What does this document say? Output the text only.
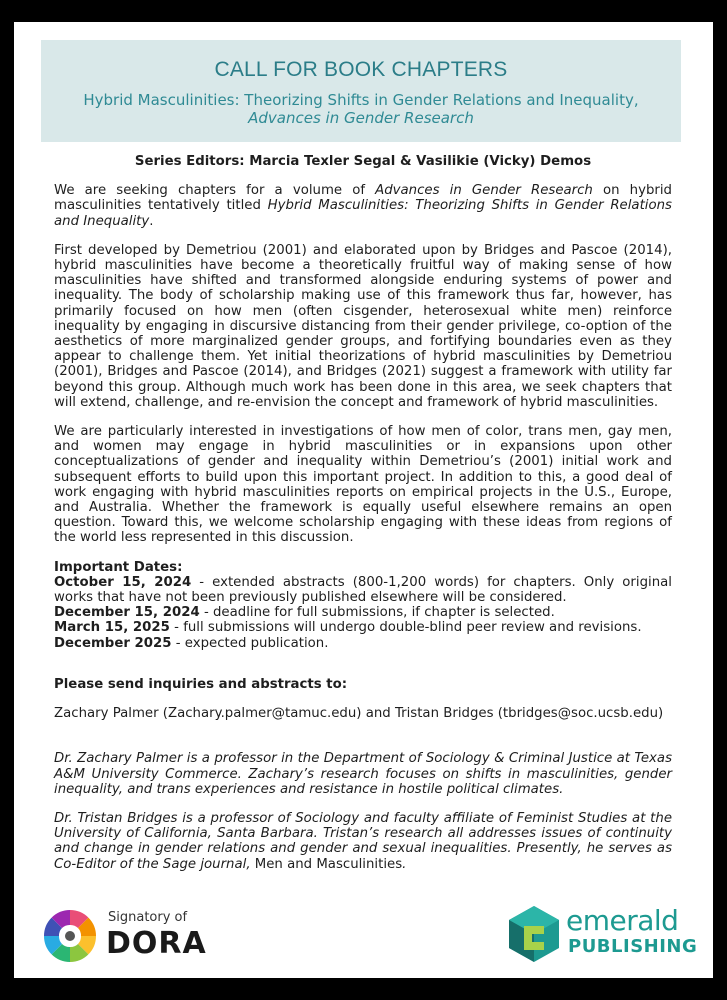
CALL FOR BOOK CHAPTERS
Hybrid Masculinities: Theorizing Shifts in Gender Relations and Inequality,
Advances in Gender Research
Series Editors: Marcia Texler Segal & Vasilikie (Vicky) Demos

We are seeking chapters for a volume of Advances in Gender Research on hybrid masculinities tentatively titled Hybrid Masculinities: Theorizing Shifts in Gender Relations and Inequality.

First developed by Demetriou (2001) and elaborated upon by Bridges and Pascoe (2014), hybrid masculinities have become a theoretically fruitful way of making sense of how masculinities have shifted and transformed alongside enduring systems of power and inequality. The body of scholarship making use of this framework thus far, however, has primarily focused on how men (often cisgender, heterosexual white men) reinforce inequality by engaging in discursive distancing from their gender privilege, co-option of the aesthetics of more marginalized gender groups, and fortifying boundaries even as they appear to challenge them. Yet initial theorizations of hybrid masculinities by Demetriou (2001), Bridges and Pascoe (2014), and Bridges (2021) suggest a framework with utility far beyond this group. Although much work has been done in this area, we seek chapters that will extend, challenge, and re-envision the concept and framework of hybrid masculinities.

We are particularly interested in investigations of how men of color, trans men, gay men, and women may engage in hybrid masculinities or in expansions upon other conceptualizations of gender and inequality within Demetriou’s (2001) initial work and subsequent efforts to build upon this important project. In addition to this, a good deal of work engaging with hybrid masculinities reports on empirical projects in the U.S., Europe, and Australia. Whether the framework is equally useful elsewhere remains an open question. Toward this, we welcome scholarship engaging with these ideas from regions of the world less represented in this discussion.

Important Dates:
October 15, 2024 - extended abstracts (800-1,200 words) for chapters. Only original works that have not been previously published elsewhere will be considered.
December 15, 2024 - deadline for full submissions, if chapter is selected.
March 15, 2025 - full submissions will undergo double-blind peer review and revisions.
December 2025 - expected publication.
Please send inquiries and abstracts to:
Zachary Palmer (Zachary.palmer@tamuc.edu) and Tristan Bridges (tbridges@soc.ucsb.edu)

Dr. Zachary Palmer is a professor in the Department of Sociology & Criminal Justice at Texas A&M University Commerce. Zachary’s research focuses on shifts in masculinities, gender inequality, and trans experiences and resistance in hostile political climates.

Dr. Tristan Bridges is a professor of Sociology and faculty affiliate of Feminist Studies at the University of California, Santa Barbara. Tristan’s research all addresses issues of continuity and change in gender relations and gender and sexual inequalities. Presently, he serves as Co-Editor of the Sage journal, Men and Masculinities.

Signatory of
DORA
emerald
PUBLISHING
